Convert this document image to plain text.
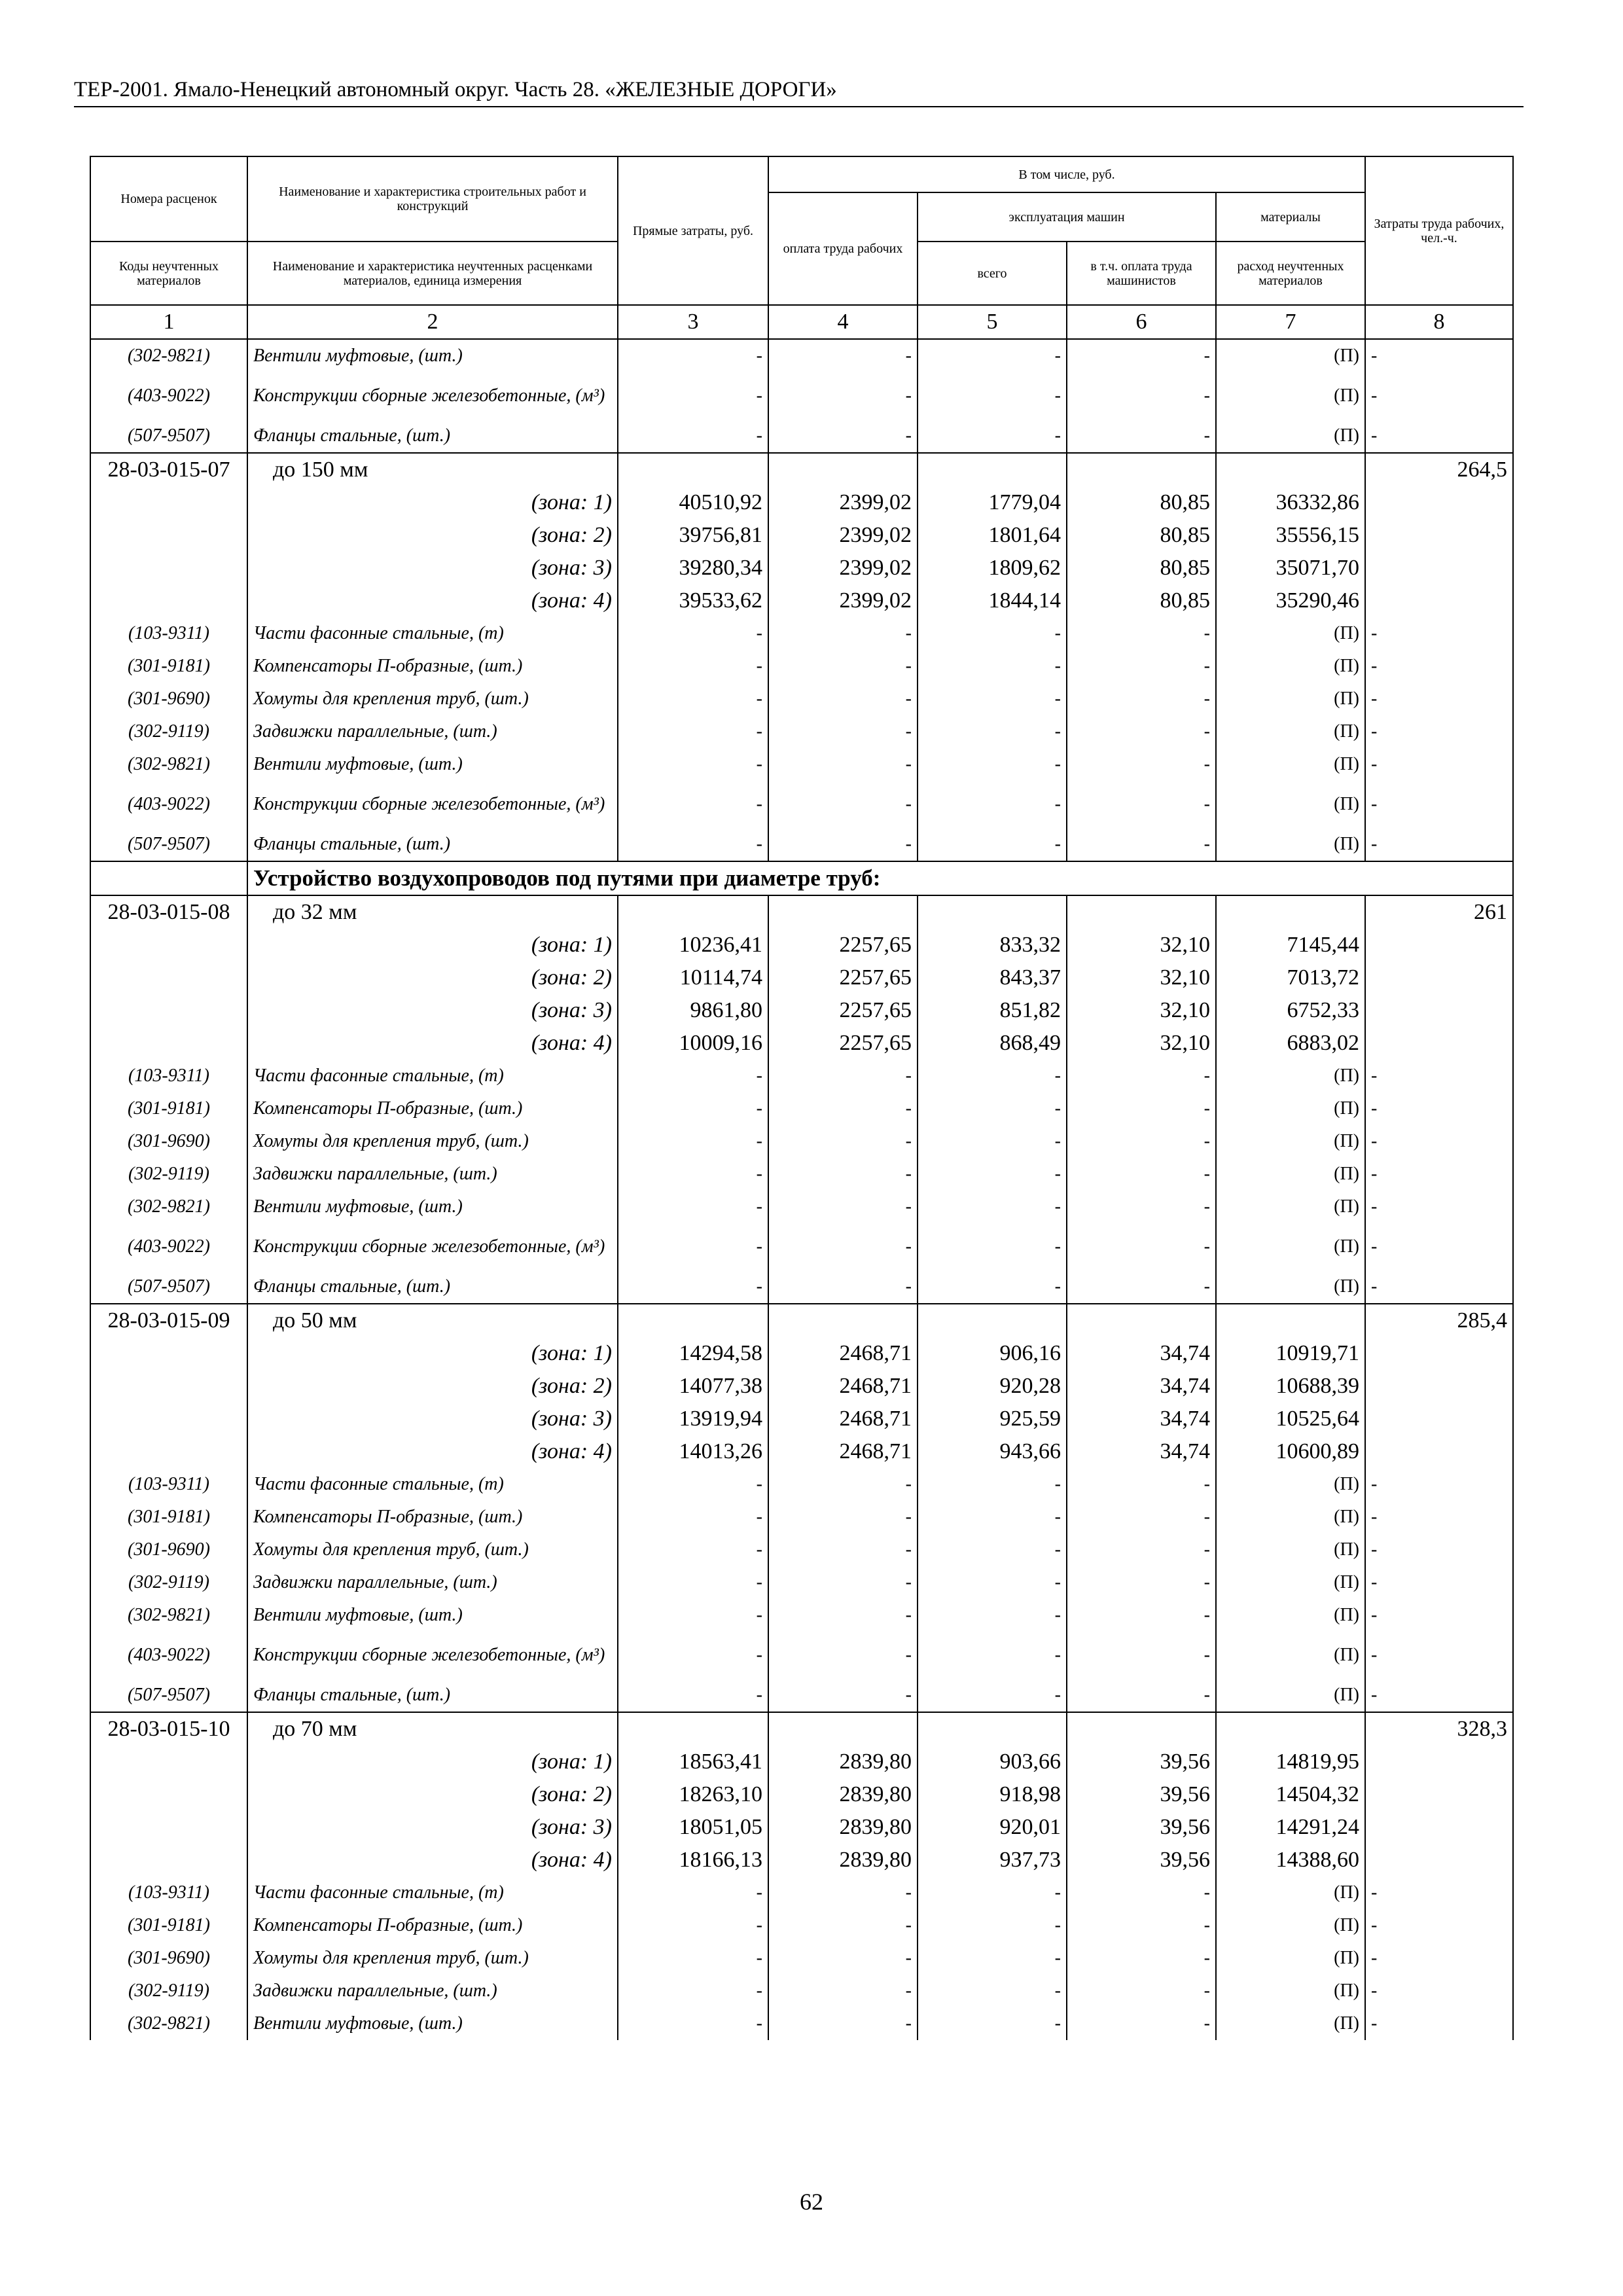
ТЕР-2001. Ямало-Ненецкий автономный округ. Часть 28. «ЖЕЛЕЗНЫЕ ДОРОГИ»
Номера расценок	Наименование и характеристика строительных работ и конструкций	Прямые затраты, руб.	В том числе, руб.				Затраты труда рабочих, чел.-ч.
			оплата труда рабочих	эксплуатация машин		материалы	
Коды неучтенных материалов	Наименование и характеристика неучтенных расценками материалов, единица измерения			всего	в т.ч. оплата труда машинистов	расход неучтенных материалов	
1	2	3	4	5	6	7	8
(302-9821)	Вентили муфтовые, (шт.)	-	-	-	-	(П)	-
(403-9022)	Конструкции сборные железобетонные, (м³)	-	-	-	-	(П)	-
(507-9507)	Фланцы стальные, (шт.)	-	-	-	-	(П)	-
28-03-015-07	до 150 мм						264,5
	(зона: 1)	40510,92	2399,02	1779,04	80,85	36332,86	
	(зона: 2)	39756,81	2399,02	1801,64	80,85	35556,15	
	(зона: 3)	39280,34	2399,02	1809,62	80,85	35071,70	
	(зона: 4)	39533,62	2399,02	1844,14	80,85	35290,46	
(103-9311)	Части фасонные стальные, (т)	-	-	-	-	(П)	-
(301-9181)	Компенсаторы П-образные, (шт.)	-	-	-	-	(П)	-
(301-9690)	Хомуты для крепления труб, (шт.)	-	-	-	-	(П)	-
(302-9119)	Задвижки параллельные, (шт.)	-	-	-	-	(П)	-
(302-9821)	Вентили муфтовые, (шт.)	-	-	-	-	(П)	-
(403-9022)	Конструкции сборные железобетонные, (м³)	-	-	-	-	(П)	-
(507-9507)	Фланцы стальные, (шт.)	-	-	-	-	(П)	-
	Устройство воздухопроводов под путями при диаметре труб:						
28-03-015-08	до 32 мм						261
	(зона: 1)	10236,41	2257,65	833,32	32,10	7145,44	
	(зона: 2)	10114,74	2257,65	843,37	32,10	7013,72	
	(зона: 3)	9861,80	2257,65	851,82	32,10	6752,33	
	(зона: 4)	10009,16	2257,65	868,49	32,10	6883,02	
(103-9311)	Части фасонные стальные, (т)	-	-	-	-	(П)	-
(301-9181)	Компенсаторы П-образные, (шт.)	-	-	-	-	(П)	-
(301-9690)	Хомуты для крепления труб, (шт.)	-	-	-	-	(П)	-
(302-9119)	Задвижки параллельные, (шт.)	-	-	-	-	(П)	-
(302-9821)	Вентили муфтовые, (шт.)	-	-	-	-	(П)	-
(403-9022)	Конструкции сборные железобетонные, (м³)	-	-	-	-	(П)	-
(507-9507)	Фланцы стальные, (шт.)	-	-	-	-	(П)	-
28-03-015-09	до 50 мм						285,4
	(зона: 1)	14294,58	2468,71	906,16	34,74	10919,71	
	(зона: 2)	14077,38	2468,71	920,28	34,74	10688,39	
	(зона: 3)	13919,94	2468,71	925,59	34,74	10525,64	
	(зона: 4)	14013,26	2468,71	943,66	34,74	10600,89	
(103-9311)	Части фасонные стальные, (т)	-	-	-	-	(П)	-
(301-9181)	Компенсаторы П-образные, (шт.)	-	-	-	-	(П)	-
(301-9690)	Хомуты для крепления труб, (шт.)	-	-	-	-	(П)	-
(302-9119)	Задвижки параллельные, (шт.)	-	-	-	-	(П)	-
(302-9821)	Вентили муфтовые, (шт.)	-	-	-	-	(П)	-
(403-9022)	Конструкции сборные железобетонные, (м³)	-	-	-	-	(П)	-
(507-9507)	Фланцы стальные, (шт.)	-	-	-	-	(П)	-
28-03-015-10	до 70 мм						328,3
	(зона: 1)	18563,41	2839,80	903,66	39,56	14819,95	
	(зона: 2)	18263,10	2839,80	918,98	39,56	14504,32	
	(зона: 3)	18051,05	2839,80	920,01	39,56	14291,24	
	(зона: 4)	18166,13	2839,80	937,73	39,56	14388,60	
(103-9311)	Части фасонные стальные, (т)	-	-	-	-	(П)	-
(301-9181)	Компенсаторы П-образные, (шт.)	-	-	-	-	(П)	-
(301-9690)	Хомуты для крепления труб, (шт.)	-	-	-	-	(П)	-
(302-9119)	Задвижки параллельные, (шт.)	-	-	-	-	(П)	-
(302-9821)	Вентили муфтовые, (шт.)	-	-	-	-	(П)	-
62
